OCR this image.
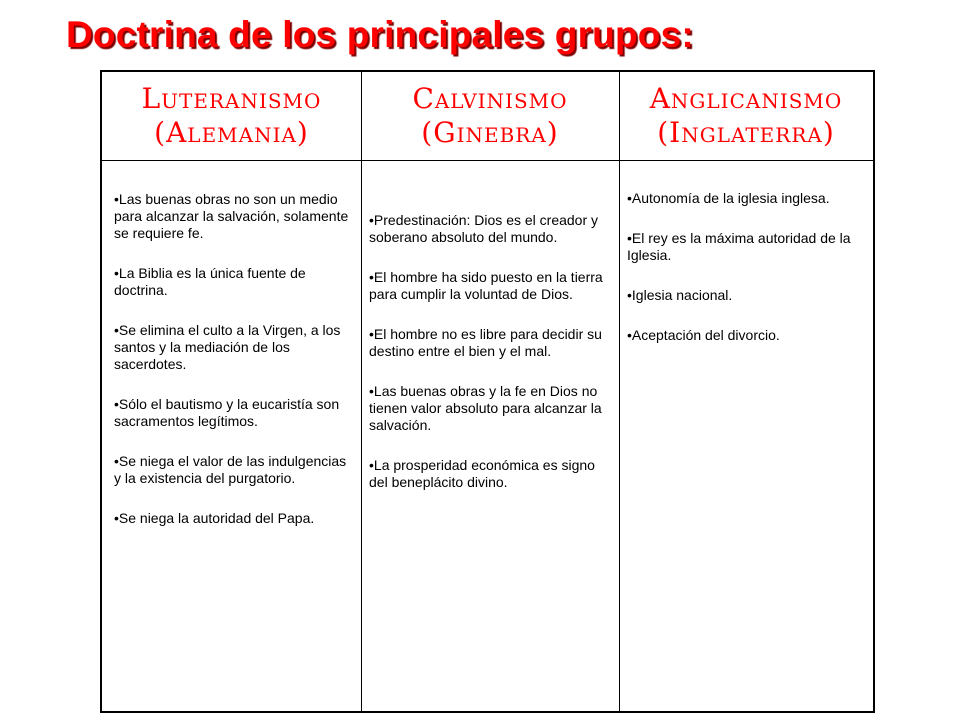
Doctrina de los principales grupos:
Luteranismo
(Alemania)
Calvinismo
(Ginebra)
Anglicanismo
(Inglaterra)
•Las buenas obras no son un medio para alcanzar la salvación, solamente se requiere fe.
•La Biblia es la única fuente de doctrina.
•Se elimina el culto a la Virgen, a los santos y la mediación de los sacerdotes.
•Sólo el bautismo y la eucaristía son sacramentos legítimos.
•Se niega el valor de las indulgencias y la existencia del purgatorio.
•Se niega la autoridad del Papa.
•Predestinación: Dios es el creador y soberano absoluto del mundo.
•El hombre ha sido puesto en la tierra para cumplir la voluntad de Dios.
•El hombre no es libre para decidir su destino entre el bien y el mal.
•Las buenas obras y la fe en Dios no tienen valor absoluto para alcanzar la salvación.
•La prosperidad económica es signo del beneplácito divino.
•Autonomía de la iglesia inglesa.
•El rey es la máxima autoridad de la Iglesia.
•Iglesia nacional.
•Aceptación del divorcio.
